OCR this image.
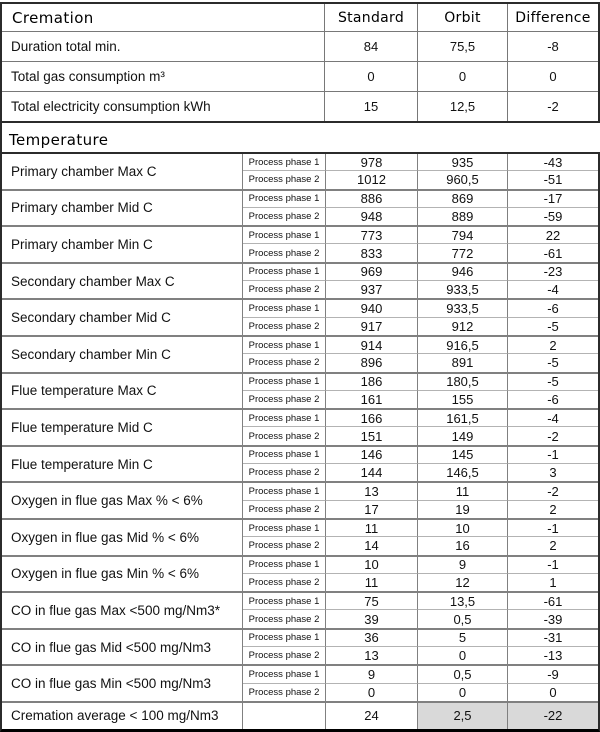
Cremation	Standard	Orbit	Difference
Duration total min.	84	75,5	-8
Total gas consumption m³	0	0	0
Total electricity consumption kWh	15	12,5	-2
Temperature
Primary chamber Max C
Process phase 1	978	935	-43
Process phase 2	1012	960,5	-51
Primary chamber Mid C
Process phase 1	886	869	-17
Process phase 2	948	889	-59
Primary chamber Min C
Process phase 1	773	794	22
Process phase 2	833	772	-61
Secondary chamber Max C
Process phase 1	969	946	-23
Process phase 2	937	933,5	-4
Secondary chamber Mid C
Process phase 1	940	933,5	-6
Process phase 2	917	912	-5
Secondary chamber Min C
Process phase 1	914	916,5	2
Process phase 2	896	891	-5
Flue temperature Max C
Process phase 1	186	180,5	-5
Process phase 2	161	155	-6
Flue temperature Mid C
Process phase 1	166	161,5	-4
Process phase 2	151	149	-2
Flue temperature Min C
Process phase 1	146	145	-1
Process phase 2	144	146,5	3
Oxygen in flue gas Max % < 6%
Process phase 1	13	11	-2
Process phase 2	17	19	2
Oxygen in flue gas Mid % < 6%
Process phase 1	11	10	-1
Process phase 2	14	16	2
Oxygen in flue gas Min % < 6%
Process phase 1	10	9	-1
Process phase 2	11	12	1
CO in flue gas Max <500 mg/Nm3*
Process phase 1	75	13,5	-61
Process phase 2	39	0,5	-39
CO in flue gas Mid <500 mg/Nm3
Process phase 1	36	5	-31
Process phase 2	13	0	-13
CO in flue gas Min <500 mg/Nm3
Process phase 1	9	0,5	-9
Process phase 2	0	0	0
Cremation average < 100 mg/Nm3	24	2,5	-22
